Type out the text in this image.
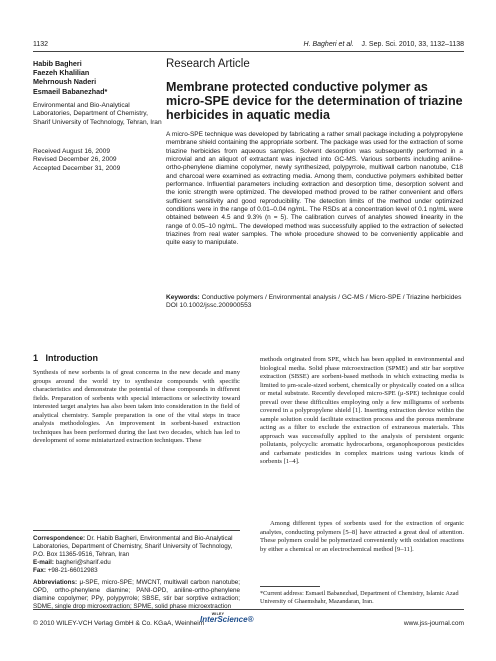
1132	H. Bagheri et al. J. Sep. Sci. 2010, 33, 1132–1138
Habib Bagheri
Faezeh Khalilian
Mehrnoush Naderi
Esmaeil Babanezhad*
Environmental and Bio-Analytical Laboratories, Department of Chemistry, Sharif University of Technology, Tehran, Iran
Received August 16, 2009
Revised December 26, 2009
Accepted December 31, 2009
Research Article
Membrane protected conductive polymer as micro-SPE device for the determination of triazine herbicides in aquatic media
A micro-SPE technique was developed by fabricating a rather small package including a polypropylene membrane shield containing the appropriate sorbent. The package was used for the extraction of some triazine herbicides from aqueous samples. Solvent desorption was subsequently performed in a microvial and an aliquot of extractant was injected into GC-MS. Various sorbents including aniline-ortho-phenylene diamine copolymer, newly synthesized, polypyrrole, multiwall carbon nanotube, C18 and charcoal were examined as extracting media. Among them, conductive polymers exhibited better performance. Influential parameters including extraction and desorption time, desorption solvent and the ionic strength were optimized. The developed method proved to be rather convenient and offers sufficient sensitivity and good reproducibility. The detection limits of the method under optimized conditions were in the range of 0.01–0.04 ng/mL. The RSDs at a concentration level of 0.1 ng/mL were obtained between 4.5 and 9.3% (n = 5). The calibration curves of analytes showed linearity in the range of 0.05–10 ng/mL. The developed method was successfully applied to the extraction of selected triazines from real water samples. The whole procedure showed to be conveniently applicable and quite easy to manipulate.
Keywords: Conductive polymers / Environmental analysis / GC-MS / Micro-SPE / Triazine herbicides
DOI 10.1002/jssc.200900553
1   Introduction
Synthesis of new sorbents is of great concerns in the new decade and many groups around the world try to synthesize compounds with specific characteristics and demonstrate the potential of these compounds in different fields. Preparation of sorbents with special interactions or selectivity toward interested target analytes has also been taken into consideration in the field of analytical chemistry. Sample preparation is one of the vital steps in trace analysis methodologies. An improvement in sorbent-based extraction techniques has been performed during the last two decades, which has led to development of some miniaturized extraction techniques. These
methods originated from SPE, which has been applied in environmental and biological media. Solid phase microextraction (SPME) and stir bar sorptive extraction (SBSE) are sorbent-based methods in which extracting media is limited to μm-scale-sized sorbent, chemically or physically coated on a silica or metal substrate. Recently developed micro-SPE (μ-SPE) technique could prevail over these difficulties employing only a few milligrams of sorbents covered in a polypropylene shield [1]. Inserting extraction device within the sample solution could facilitate extraction process and the porous membrane acting as a filter to exclude the extraction of extraneous materials. This approach was successfully applied to the analysis of persistent organic pollutants, polycyclic aromatic hydrocarbons, organophosporous pesticides and carbamate pesticides in complex matrices using various kinds of sorbents [1–4].
Among different types of sorbents used for the extraction of organic analytes, conducting polymers [5–8] have attracted a great deal of attention. These polymers could be polymerized conveniently with oxidation reactions by either a chemical or an electrochemical method [9–11].
Correspondence: Dr. Habib Bagheri, Environmental and Bio-Analytical Laboratories, Department of Chemistry, Sharif University of Technology, P.O. Box 11365-9516, Tehran, Iran
E-mail: bagheri@sharif.edu
Fax: +98-21-66012983
Abbreviations: μ-SPE, micro-SPE; MWCNT, multiwall carbon nanotube; OPD, ortho-phenylene diamine; PANI-OPD, aniline-ortho-phenylene diamine copolymer; PPy, polypyrrole; SBSE, stir bar sorptive extraction; SDME, single drop microextraction; SPME, solid phase microextraction
*Current address: Esmaeil Babanezhad, Department of Chemistry, Islamic Azad University of Ghaemshahr, Mazandaran, Iran.
© 2010 WILEY-VCH Verlag GmbH & Co. KGaA, Weinheim
WILEY
InterScience®	www.jss-journal.com
